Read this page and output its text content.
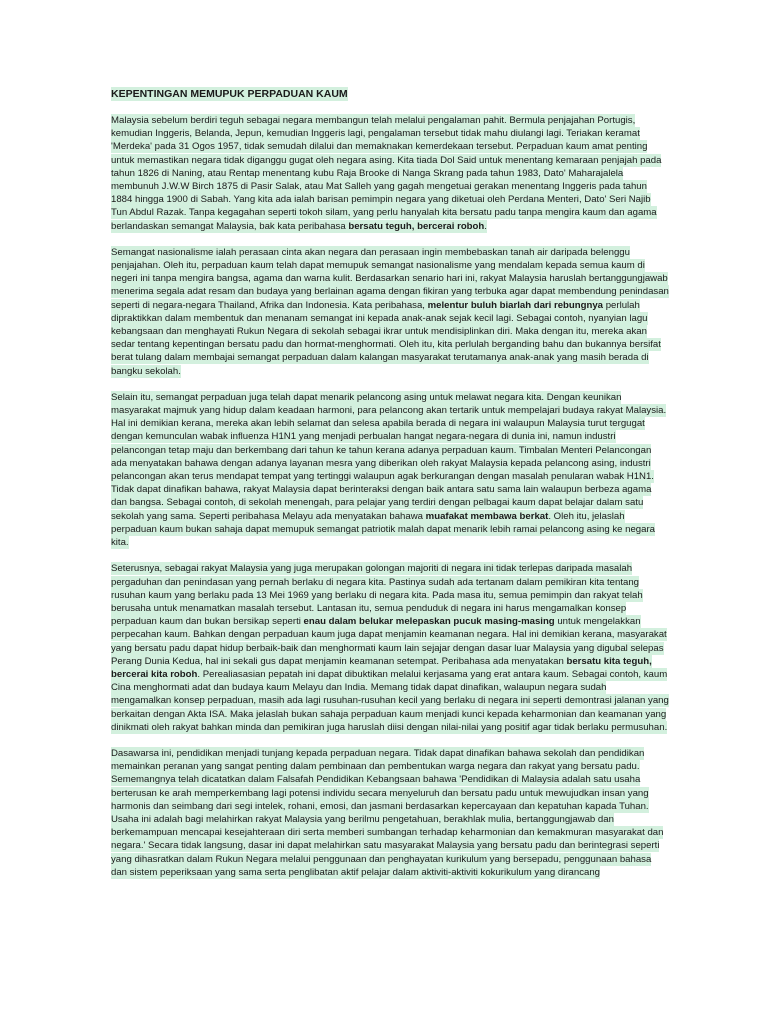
KEPENTINGAN MEMUPUK PERPADUAN KAUM

Malaysia sebelum berdiri teguh sebagai negara membangun telah melalui pengalaman pahit. Bermula penjajahan Portugis, kemudian Inggeris, Belanda, Jepun, kemudian Inggeris lagi, pengalaman tersebut tidak mahu diulangi lagi. Teriakan keramat 'Merdeka' pada 31 Ogos 1957, tidak semudah dilalui dan memaknakan kemerdekaan tersebut. Perpaduan kaum amat penting untuk memastikan negara tidak diganggu gugat oleh negara asing. Kita tiada Dol Said untuk menentang kemaraan penjajah pada tahun 1826 di Naning, atau Rentap menentang kubu Raja Brooke di Nanga Skrang pada tahun 1983, Dato' Maharajalela membunuh J.W.W Birch 1875 di Pasir Salak, atau Mat Salleh yang gagah mengetuai gerakan menentang Inggeris pada tahun 1884 hingga 1900 di Sabah. Yang kita ada ialah barisan pemimpin negara yang diketuai oleh Perdana Menteri, Dato' Seri Najib Tun Abdul Razak. Tanpa kegagahan seperti tokoh silam, yang perlu hanyalah kita bersatu padu tanpa mengira kaum dan agama berlandaskan semangat Malaysia, bak kata peribahasa bersatu teguh, bercerai roboh.

Semangat nasionalisme ialah perasaan cinta akan negara dan perasaan ingin membebaskan tanah air daripada belenggu penjajahan. Oleh itu, perpaduan kaum telah dapat memupuk semangat nasionalisme yang mendalam kepada semua kaum di negeri ini tanpa mengira bangsa, agama dan warna kulit. Berdasarkan senario hari ini, rakyat Malaysia haruslah bertanggungjawab menerima segala adat resam dan budaya yang berlainan agama dengan fikiran yang terbuka agar dapat membendung penindasan seperti di negara-negara Thailand, Afrika dan Indonesia. Kata peribahasa, melentur buluh biarlah dari rebungnya perlulah dipraktikkan dalam membentuk dan menanam semangat ini kepada anak-anak sejak kecil lagi. Sebagai contoh, nyanyian lagu kebangsaan dan menghayati Rukun Negara di sekolah sebagai ikrar untuk mendisiplinkan diri. Maka dengan itu, mereka akan sedar tentang kepentingan bersatu padu dan hormat-menghormati. Oleh itu, kita perlulah berganding bahu dan bukannya bersifat berat tulang dalam membajai semangat perpaduan dalam kalangan masyarakat terutamanya anak-anak yang masih berada di bangku sekolah.

Selain itu, semangat perpaduan juga telah dapat menarik pelancong asing untuk melawat negara kita. Dengan keunikan masyarakat majmuk yang hidup dalam keadaan harmoni, para pelancong akan tertarik untuk mempelajari budaya rakyat Malaysia. Hal ini demikian kerana, mereka akan lebih selamat dan selesa apabila berada di negara ini walaupun Malaysia turut tergugat dengan kemunculan wabak influenza H1N1 yang menjadi perbualan hangat negara-negara di dunia ini, namun industri pelancongan tetap maju dan berkembang dari tahun ke tahun kerana adanya perpaduan kaum. Timbalan Menteri Pelancongan ada menyatakan bahawa dengan adanya layanan mesra yang diberikan oleh rakyat Malaysia kepada pelancong asing, industri pelancongan akan terus mendapat tempat yang tertinggi walaupun agak berkurangan dengan masalah penularan wabak H1N1. Tidak dapat dinafikan bahawa, rakyat Malaysia dapat berinteraksi dengan baik antara satu sama lain walaupun berbeza agama dan bangsa. Sebagai contoh, di sekolah menengah, para pelajar yang terdiri dengan pelbagai kaum dapat belajar dalam satu sekolah yang sama. Seperti peribahasa Melayu ada menyatakan bahawa muafakat membawa berkat. Oleh itu, jelaslah perpaduan kaum bukan sahaja dapat memupuk semangat patriotik malah dapat menarik lebih ramai pelancong asing ke negara kita.

Seterusnya, sebagai rakyat Malaysia yang juga merupakan golongan majoriti di negara ini tidak terlepas daripada masalah pergaduhan dan penindasan yang pernah berlaku di negara kita. Pastinya sudah ada tertanam dalam pemikiran kita tentang rusuhan kaum yang berlaku pada 13 Mei 1969 yang berlaku di negara kita. Pada masa itu, semua pemimpin dan rakyat telah berusaha untuk menamatkan masalah tersebut. Lantasan itu, semua penduduk di negara ini harus mengamalkan konsep perpaduan kaum dan bukan bersikap seperti enau dalam belukar melepaskan pucuk masing-masing untuk mengelakkan perpecahan kaum. Bahkan dengan perpaduan kaum juga dapat menjamin keamanan negara. Hal ini demikian kerana, masyarakat yang bersatu padu dapat hidup berbaik-baik dan menghormati kaum lain sejajar dengan dasar luar Malaysia yang digubal selepas Perang Dunia Kedua, hal ini sekali gus dapat menjamin keamanan setempat. Peribahasa ada menyatakan bersatu kita teguh, bercerai kita roboh. Perealiasasian pepatah ini dapat dibuktikan melalui kerjasama yang erat antara kaum. Sebagai contoh, kaum Cina menghormati adat dan budaya kaum Melayu dan India. Memang tidak dapat dinafikan, walaupun negara sudah mengamalkan konsep perpaduan, masih ada lagi rusuhan-rusuhan kecil yang berlaku di negara ini seperti demontrasi jalanan yang berkaitan dengan Akta ISA. Maka jelaslah bukan sahaja perpaduan kaum menjadi kunci kepada keharmonian dan keamanan yang dinikmati oleh rakyat bahkan minda dan pemikiran juga haruslah diisi dengan nilai-nilai yang positif agar tidak berlaku permusuhan.

Dasawarsa ini, pendidikan menjadi tunjang kepada perpaduan negara. Tidak dapat dinafikan bahawa sekolah dan pendidikan memainkan peranan yang sangat penting dalam pembinaan dan pembentukan warga negara dan rakyat yang bersatu padu. Sememangnya telah dicatatkan dalam Falsafah Pendidikan Kebangsaan bahawa 'Pendidikan di Malaysia adalah satu usaha berterusan ke arah memperkembang lagi potensi individu secara menyeluruh dan bersatu padu untuk mewujudkan insan yang harmonis dan seimbang dari segi intelek, rohani, emosi, dan jasmani berdasarkan kepercayaan dan kepatuhan kapada Tuhan. Usaha ini adalah bagi melahirkan rakyat Malaysia yang berilmu pengetahuan, berakhlak mulia, bertanggungjawab dan berkemampuan mencapai kesejahteraan diri serta memberi sumbangan terhadap keharmonian dan kemakmuran masyarakat dan negara.' Secara tidak langsung, dasar ini dapat melahirkan satu masyarakat Malaysia yang bersatu padu dan berintegrasi seperti yang dihasratkan dalam Rukun Negara melalui penggunaan dan penghayatan kurikulum yang bersepadu, penggunaan bahasa dan sistem peperiksaan yang sama serta penglibatan aktif pelajar dalam aktiviti-aktiviti kokurikulum yang dirancang
